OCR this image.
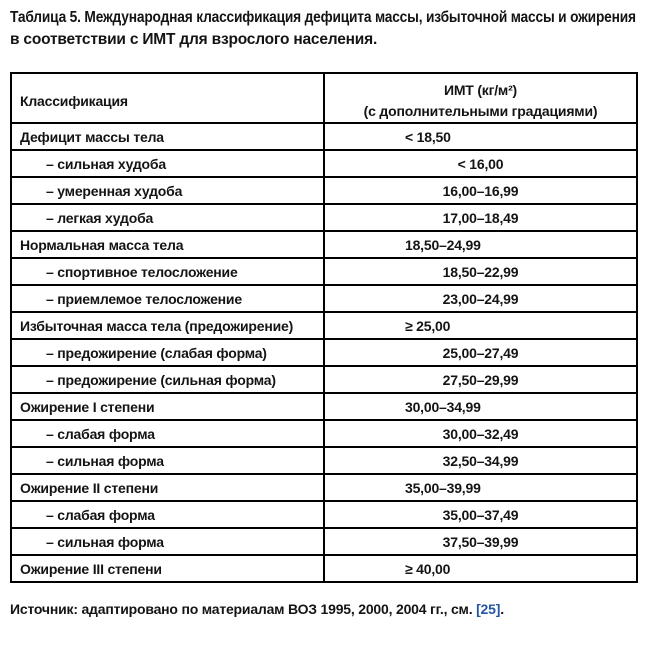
Таблица 5. Международная классификация дефицита массы, избыточной массы и ожирения
в соответствии с ИМТ для взрослого населения.
Классификация	ИМТ (кг/м²)
(с дополнительными градациями)

Дефицит массы тела	< 18,50
– сильная худоба	< 16,00
– умеренная худоба	16,00–16,99
– легкая худоба	17,00–18,49
Нормальная масса тела	18,50–24,99
– спортивное телосложение	18,50–22,99
– приемлемое телосложение	23,00–24,99
Избыточная масса тела (предожирение)	≥ 25,00
– предожирение (слабая форма)	25,00–27,49
– предожирение (сильная форма)	27,50–29,99
Ожирение I степени	30,00–34,99
– слабая форма	30,00–32,49
– сильная форма	32,50–34,99
Ожирение II степени	35,00–39,99
– слабая форма	35,00–37,49
– сильная форма	37,50–39,99
Ожирение III степени	≥ 40,00
Источник: адаптировано по материалам ВОЗ 1995, 2000, 2004 гг., см. [25].
